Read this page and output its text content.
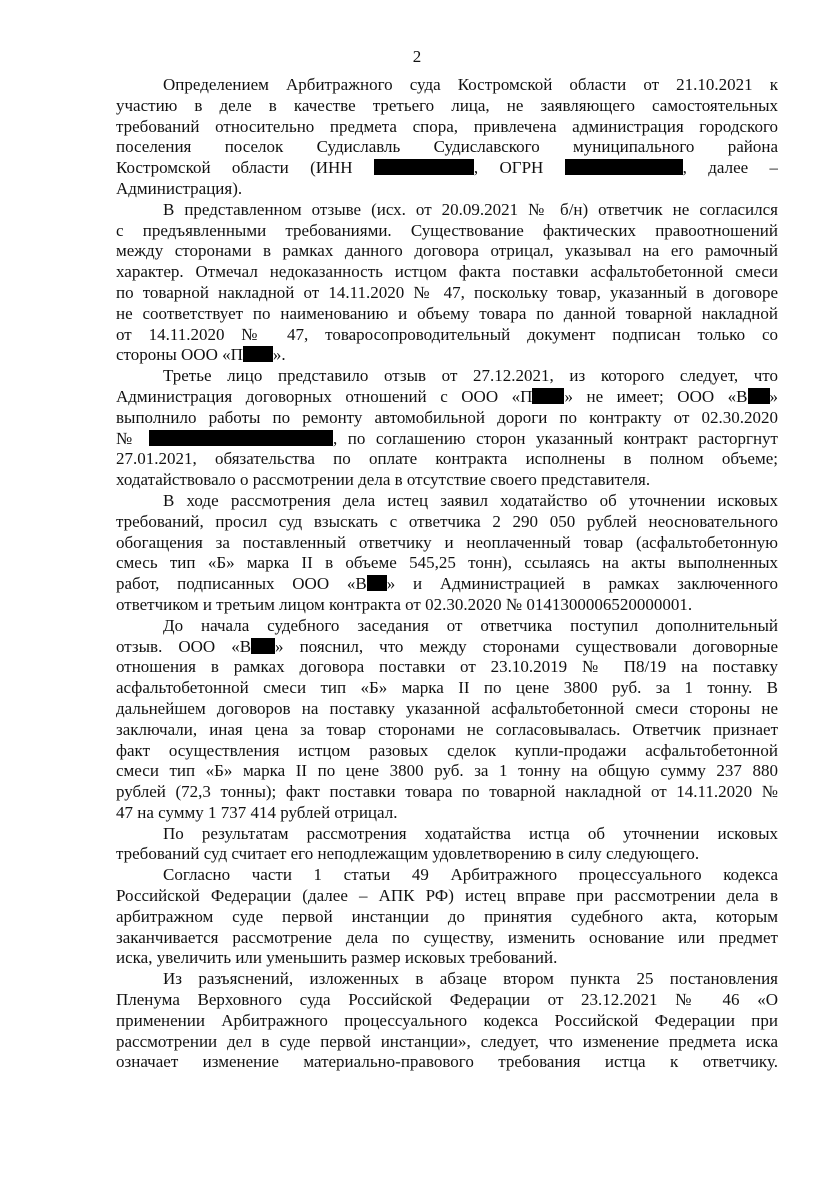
2
Определением Арбитражного суда Костромской области от 21.10.2021 к
участию в деле в качестве третьего лица, не заявляющего самостоятельных
требований относительно предмета спора, привлечена администрация городского
поселения поселок Судиславль Судиславского муниципального района
Костромской области (ИНН	, ОГРН	, далее –
Администрация).
В представленном отзыве (исх. от 20.09.2021 № б/н) ответчик не согласился
с предъявленными требованиями. Существование фактических правоотношений
между сторонами в рамках данного договора отрицал, указывал на его рамочный
характер. Отмечал недоказанность истцом факта поставки асфальтобетонной смеси
по товарной накладной от 14.11.2020 № 47, поскольку товар, указанный в договоре
не соответствует по наименованию и объему товара по данной товарной накладной
от 14.11.2020 № 47, товаросопроводительный документ подписан только со
стороны ООО «П ».
Третье лицо представило отзыв от 27.12.2021, из которого следует, что
Администрация договорных отношений с ООО «П » не имеет; ООО «В »
выполнило работы по ремонту автомобильной дороги по контракту от 02.30.2020
№	, по соглашению сторон указанный контракт расторгнут
27.01.2021, обязательства по оплате контракта исполнены в полном объеме;
ходатайствовало о рассмотрении дела в отсутствие своего представителя.
В ходе рассмотрения дела истец заявил ходатайство об уточнении исковых
требований, просил суд взыскать с ответчика 2 290 050 рублей неосновательного
обогащения за поставленный ответчику и неоплаченный товар (асфальтобетонную
смесь тип «Б» марка II в объеме 545,25 тонн), ссылаясь на акты выполненных
работ, подписанных ООО «В » и Администрацией в рамках заключенного
ответчиком и третьим лицом контракта от 02.30.2020 № 0141300006520000001.
До начала судебного заседания от ответчика поступил дополнительный
отзыв. ООО «В » пояснил, что между сторонами существовали договорные
отношения в рамках договора поставки от 23.10.2019 № П8/19 на поставку
асфальтобетонной смеси тип «Б» марка II по цене 3800 руб. за 1 тонну. В
дальнейшем договоров на поставку указанной асфальтобетонной смеси стороны не
заключали, иная цена за товар сторонами не согласовывалась. Ответчик признает
факт осуществления истцом разовых сделок купли-продажи асфальтобетонной
смеси тип «Б» марка II по цене 3800 руб. за 1 тонну на общую сумму 237 880
рублей (72,3 тонны); факт поставки товара по товарной накладной от 14.11.2020 №
47 на сумму 1 737 414 рублей отрицал.
По результатам рассмотрения ходатайства истца об уточнении исковых
требований суд считает его неподлежащим удовлетворению в силу следующего.
Согласно части 1 статьи 49 Арбитражного процессуального кодекса
Российской Федерации (далее – АПК РФ) истец вправе при рассмотрении дела в
арбитражном суде первой инстанции до принятия судебного акта, которым
заканчивается рассмотрение дела по существу, изменить основание или предмет
иска, увеличить или уменьшить размер исковых требований.
Из разъяснений, изложенных в абзаце втором пункта 25 постановления
Пленума Верховного суда Российской Федерации от 23.12.2021 № 46 «О
применении Арбитражного процессуального кодекса Российской Федерации при
рассмотрении дел в суде первой инстанции», следует, что изменение предмета иска
означает изменение материально-правового требования истца к ответчику.
